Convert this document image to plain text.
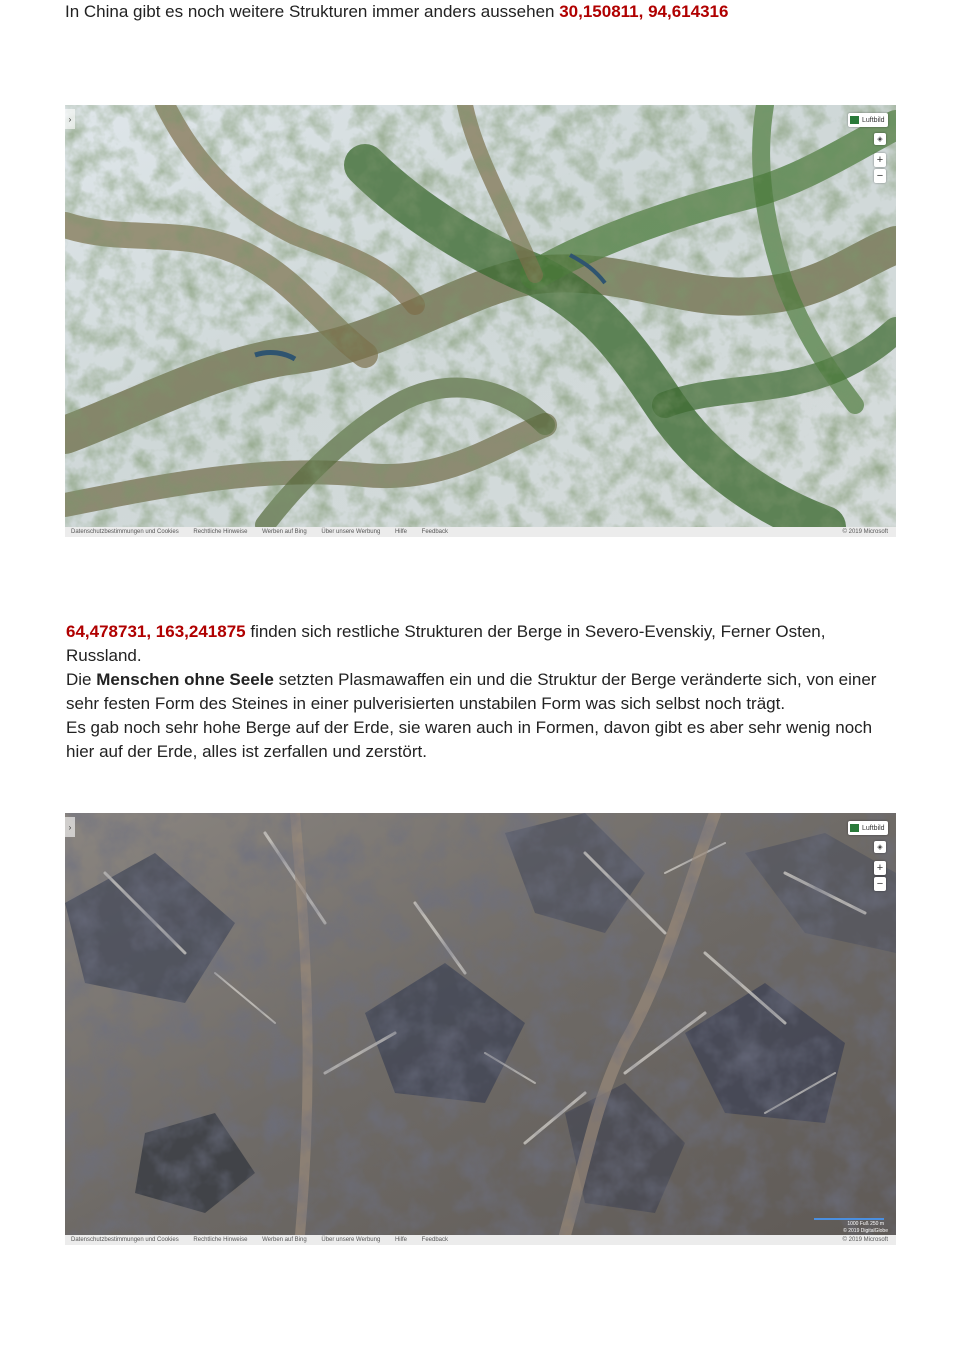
In China gibt es noch weitere Strukturen immer anders aussehen 30,150811, 94,614316

›	Luftbild
◈
+
−
Datenschutzbestimmungen und Cookies Rechtliche Hinweise Werben auf Bing Über unsere Werbung Hilfe Feedback	© 2019 Microsoft
64,478731, 163,241875 finden sich restliche Strukturen der Berge in Severo-Evenskiy, Ferner Osten, Russland.
Die Menschen ohne Seele setzten Plasmawaffen ein und die Struktur der Berge veränderte sich, von einer sehr festen Form des Steines in einer pulverisierten unstabilen Form was sich selbst noch trägt.
Es gab noch sehr hohe Berge auf der Erde, sie waren auch in Formen, davon gibt es aber sehr wenig noch hier auf der Erde, alles ist zerfallen und zerstört.
›	Luftbild
◈
+
−
1000 Fuß 250 m
© 2019 DigitalGlobe
Datenschutzbestimmungen und Cookies Rechtliche Hinweise Werben auf Bing Über unsere Werbung Hilfe Feedback	© 2019 Microsoft
